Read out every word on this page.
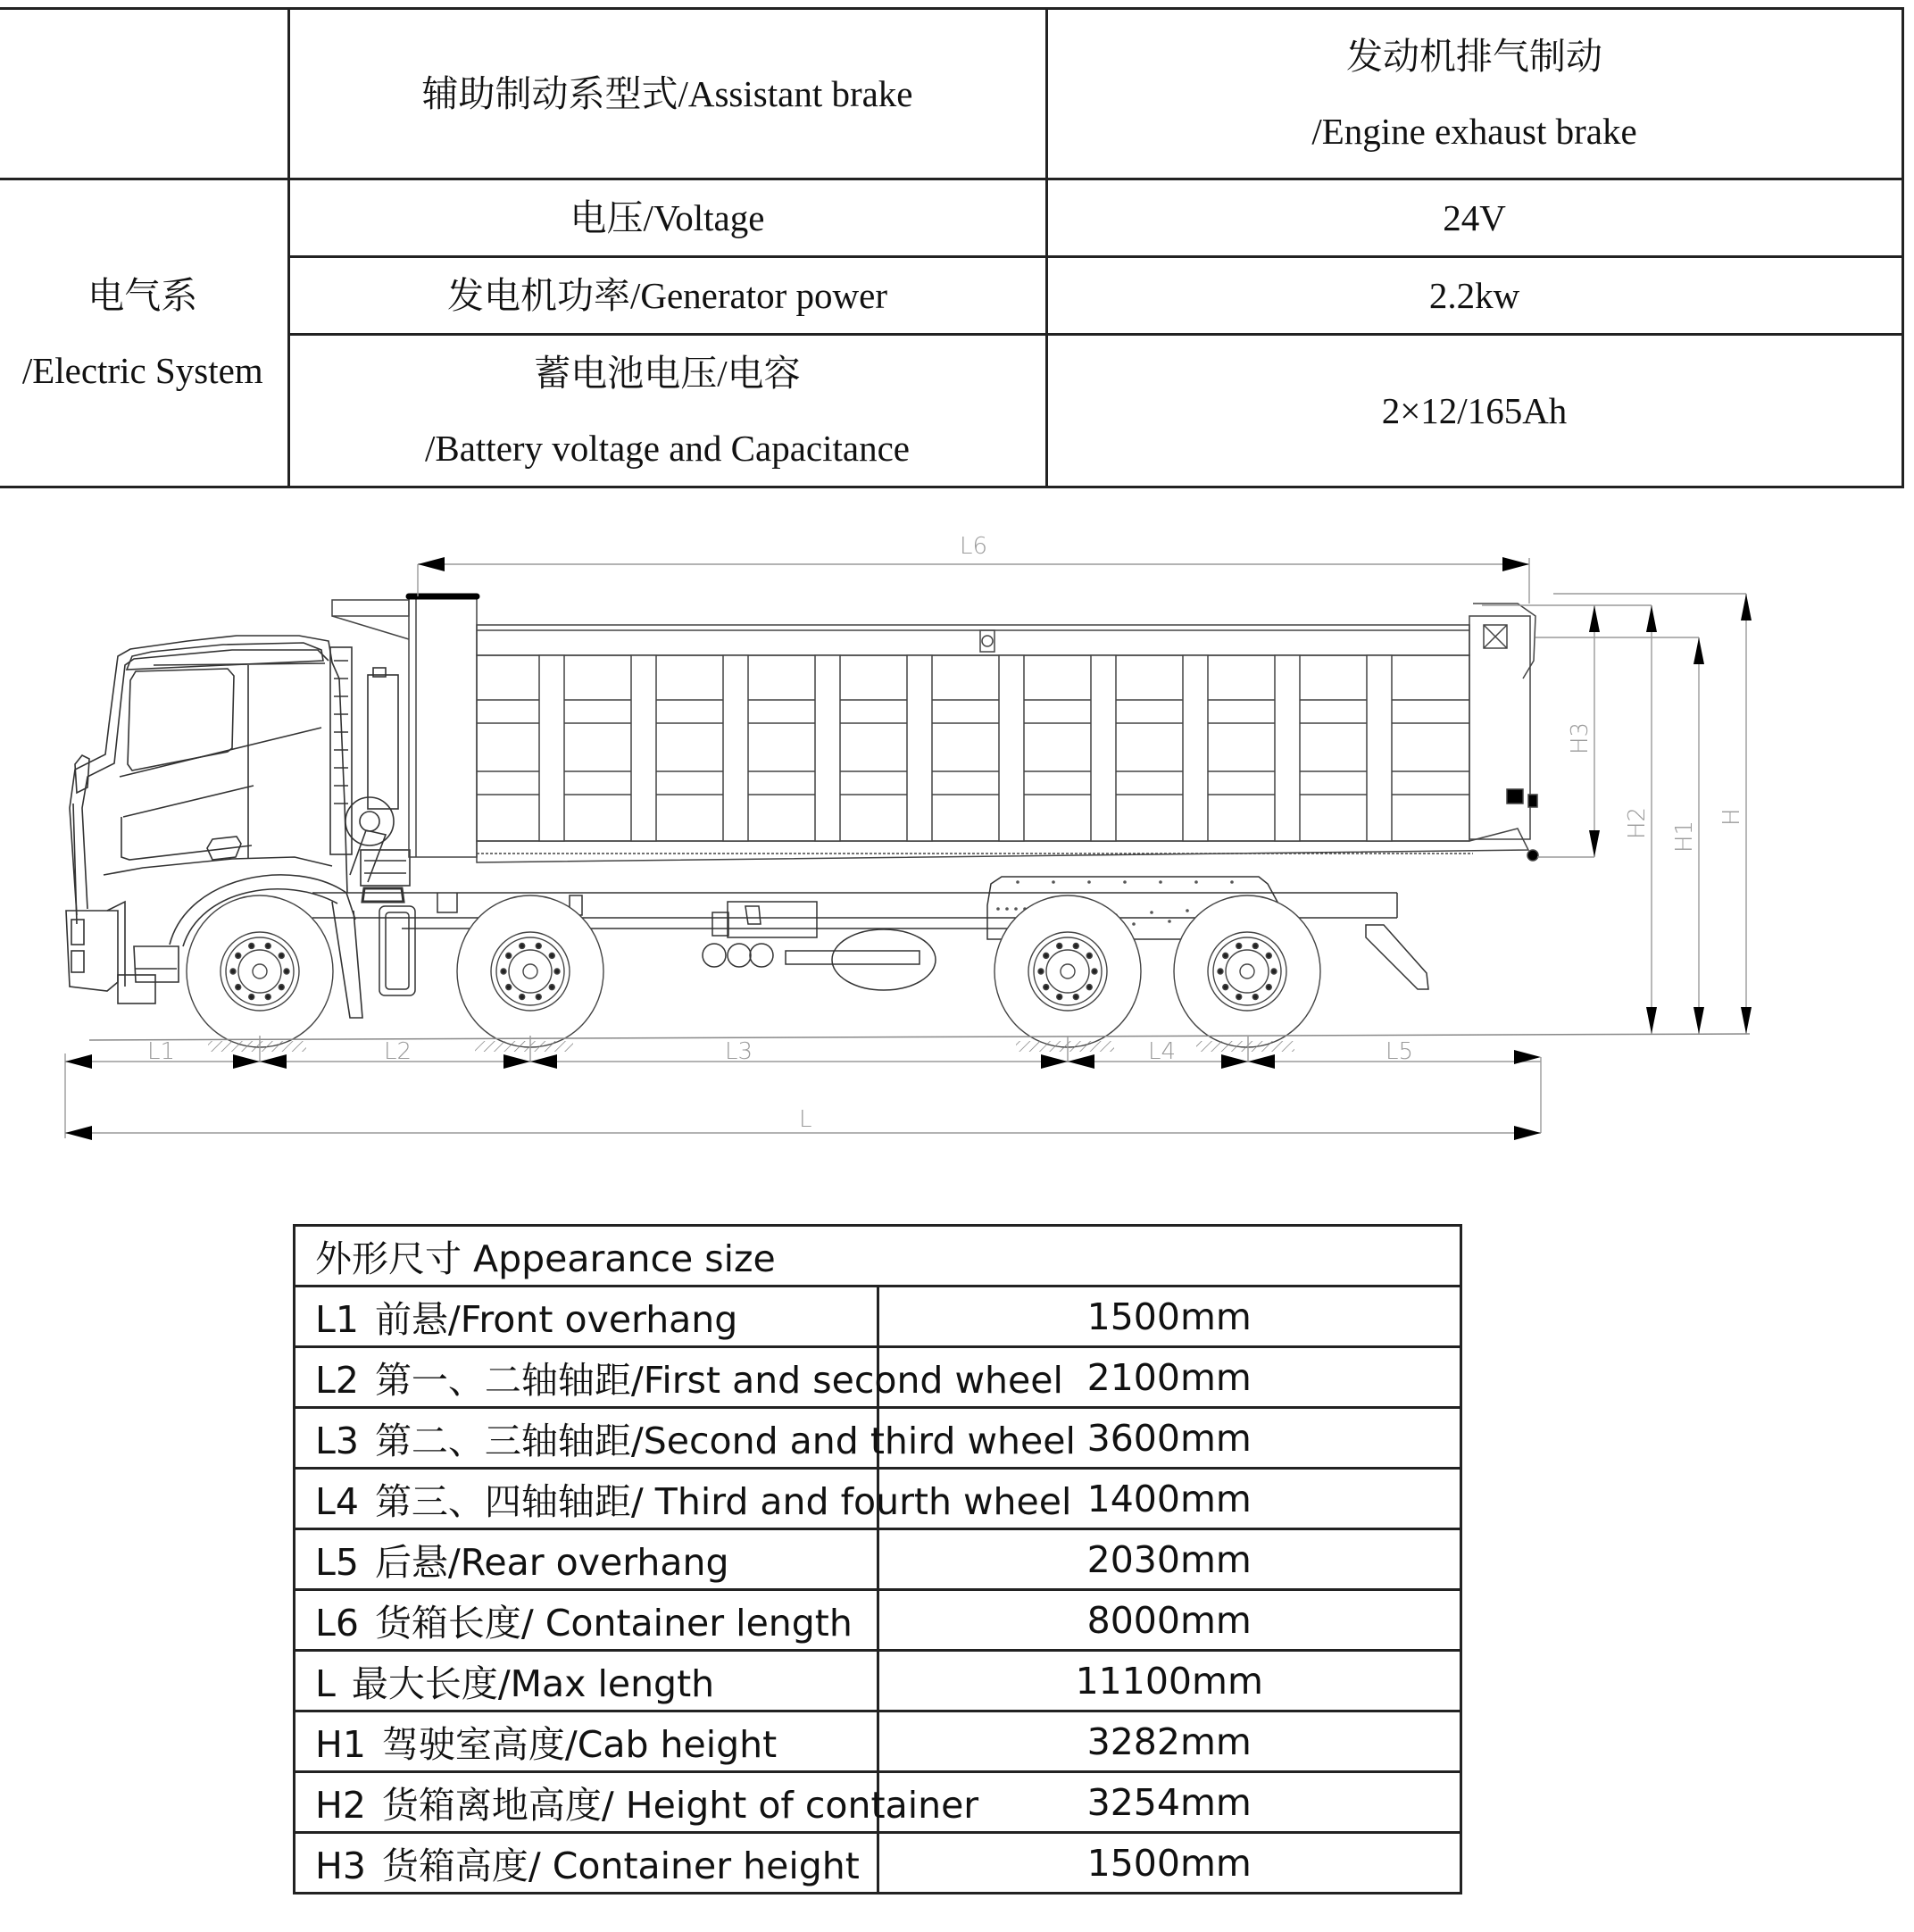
	辅助制动系型式/Assistant brake	发动机排气制动
/Engine exhaust brake

电气系
/Electric System	电压/Voltage	24V
	发电机功率/Generator power	2.2kw

	蓄电池电压/电容
/Battery voltage and Capacitance	2×12/165Ah
L6
L1	L2	L3	L4	L5
L
H3
H2 H1
H
外形尺寸 Appearance size	
L1 前悬/Front overhang	1500mm
L2 第一、二轴轴距/First and second wheel	2100mm
L3 第二、三轴轴距/Second and third wheel	3600mm
L4 第三、四轴轴距/ Third and fourth wheel	1400mm
L5 后悬/Rear overhang	2030mm
L6 货箱长度/ Container length	8000mm
L 最大长度/Max length	11100mm
H1 驾驶室高度/Cab height	3282mm
H2 货箱离地高度/ Height of container	3254mm
H3 货箱高度/ Container height	1500mm
